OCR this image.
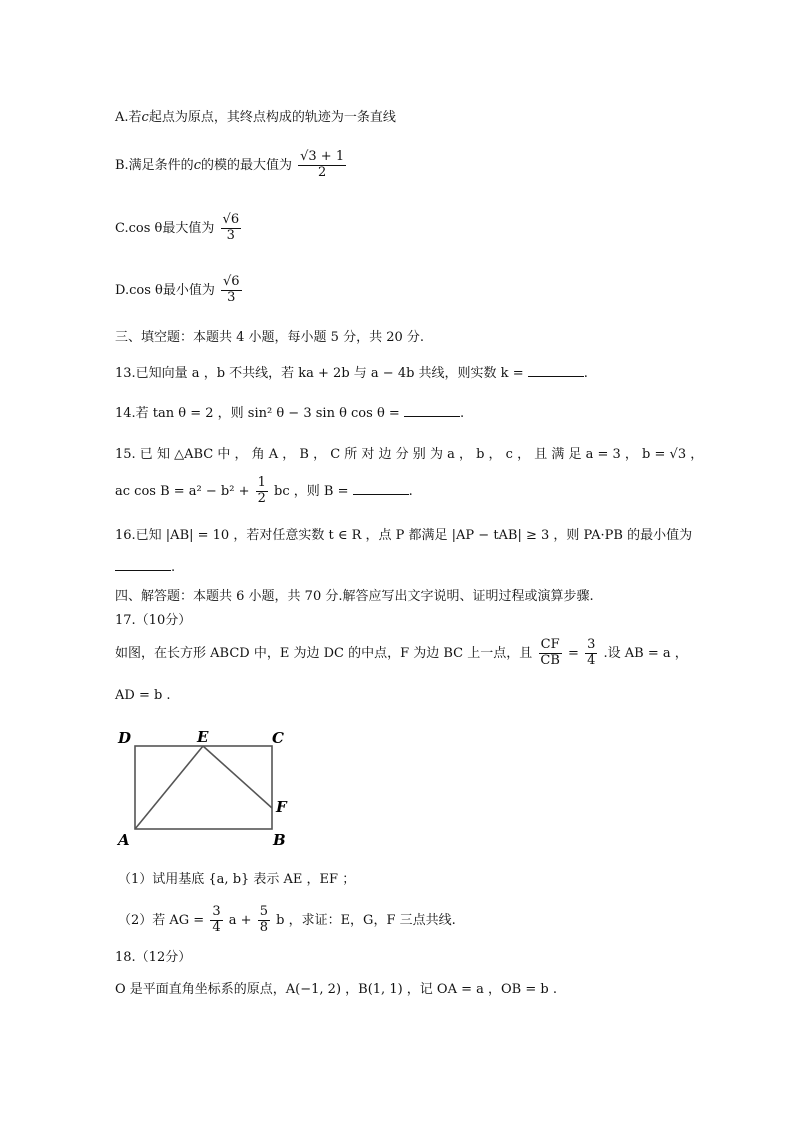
A.若c起点为原点，其终点构成的轨迹为一条直线
B.满足条件的c的模的最大值为 $\frac{√3 + 1}{2}$
C.cos θ最大值为 $\frac{√6}{3}$
D.cos θ最小值为 $\frac{√6}{3}$
三、填空题：本题共 4 小题，每小题 5 分，共 20 分.
13.已知向量 a ，b 不共线，若 ka + 2b 与 a − 4b 共线，则实数 k =	.
14.若 tan θ = 2 ，则 sin² θ − 3 sin θ cos θ =	.
15. 已 知 △ABC 中 ， 角 A ， B ， C 所 对 边 分 别 为 a ， b ， c ， 且 满 足 a = 3 ， b = √3 ，
ac $\cos B = a^2 - b^2 + \frac{1}{2}$ bc ，则 B =	.
16.已知 |AB| = 10 ，若对任意实数 t ∈ R ，点 P 都满足 |AP − tAB| ≥ 3 ，则 PA·PB 的最小值为
.
四、解答题：本题共 6 小题，共 70 分.解答应写出文字说明、证明过程或演算步骤.
17.（10分）
如图，在长方形 ABCD 中，E 为边 DC 的中点，F 为边 BC 上一点，且 $\frac{CF}{CB} = \frac{3}{4}$ .设 AB = a ，
AD = b .
D	E	C
F
A	B
（1）试用基底 {a, b} 表示 AE ，EF ；
（2）若 AG = $\frac{3}{4}$ $a + \frac{5}{8}$ b ，求证：E，G，F 三点共线.
18.（12分）
O 是平面直角坐标系的原点，A(−1, 2) ，B(1, 1) ，记 OA = a ，OB = b .
